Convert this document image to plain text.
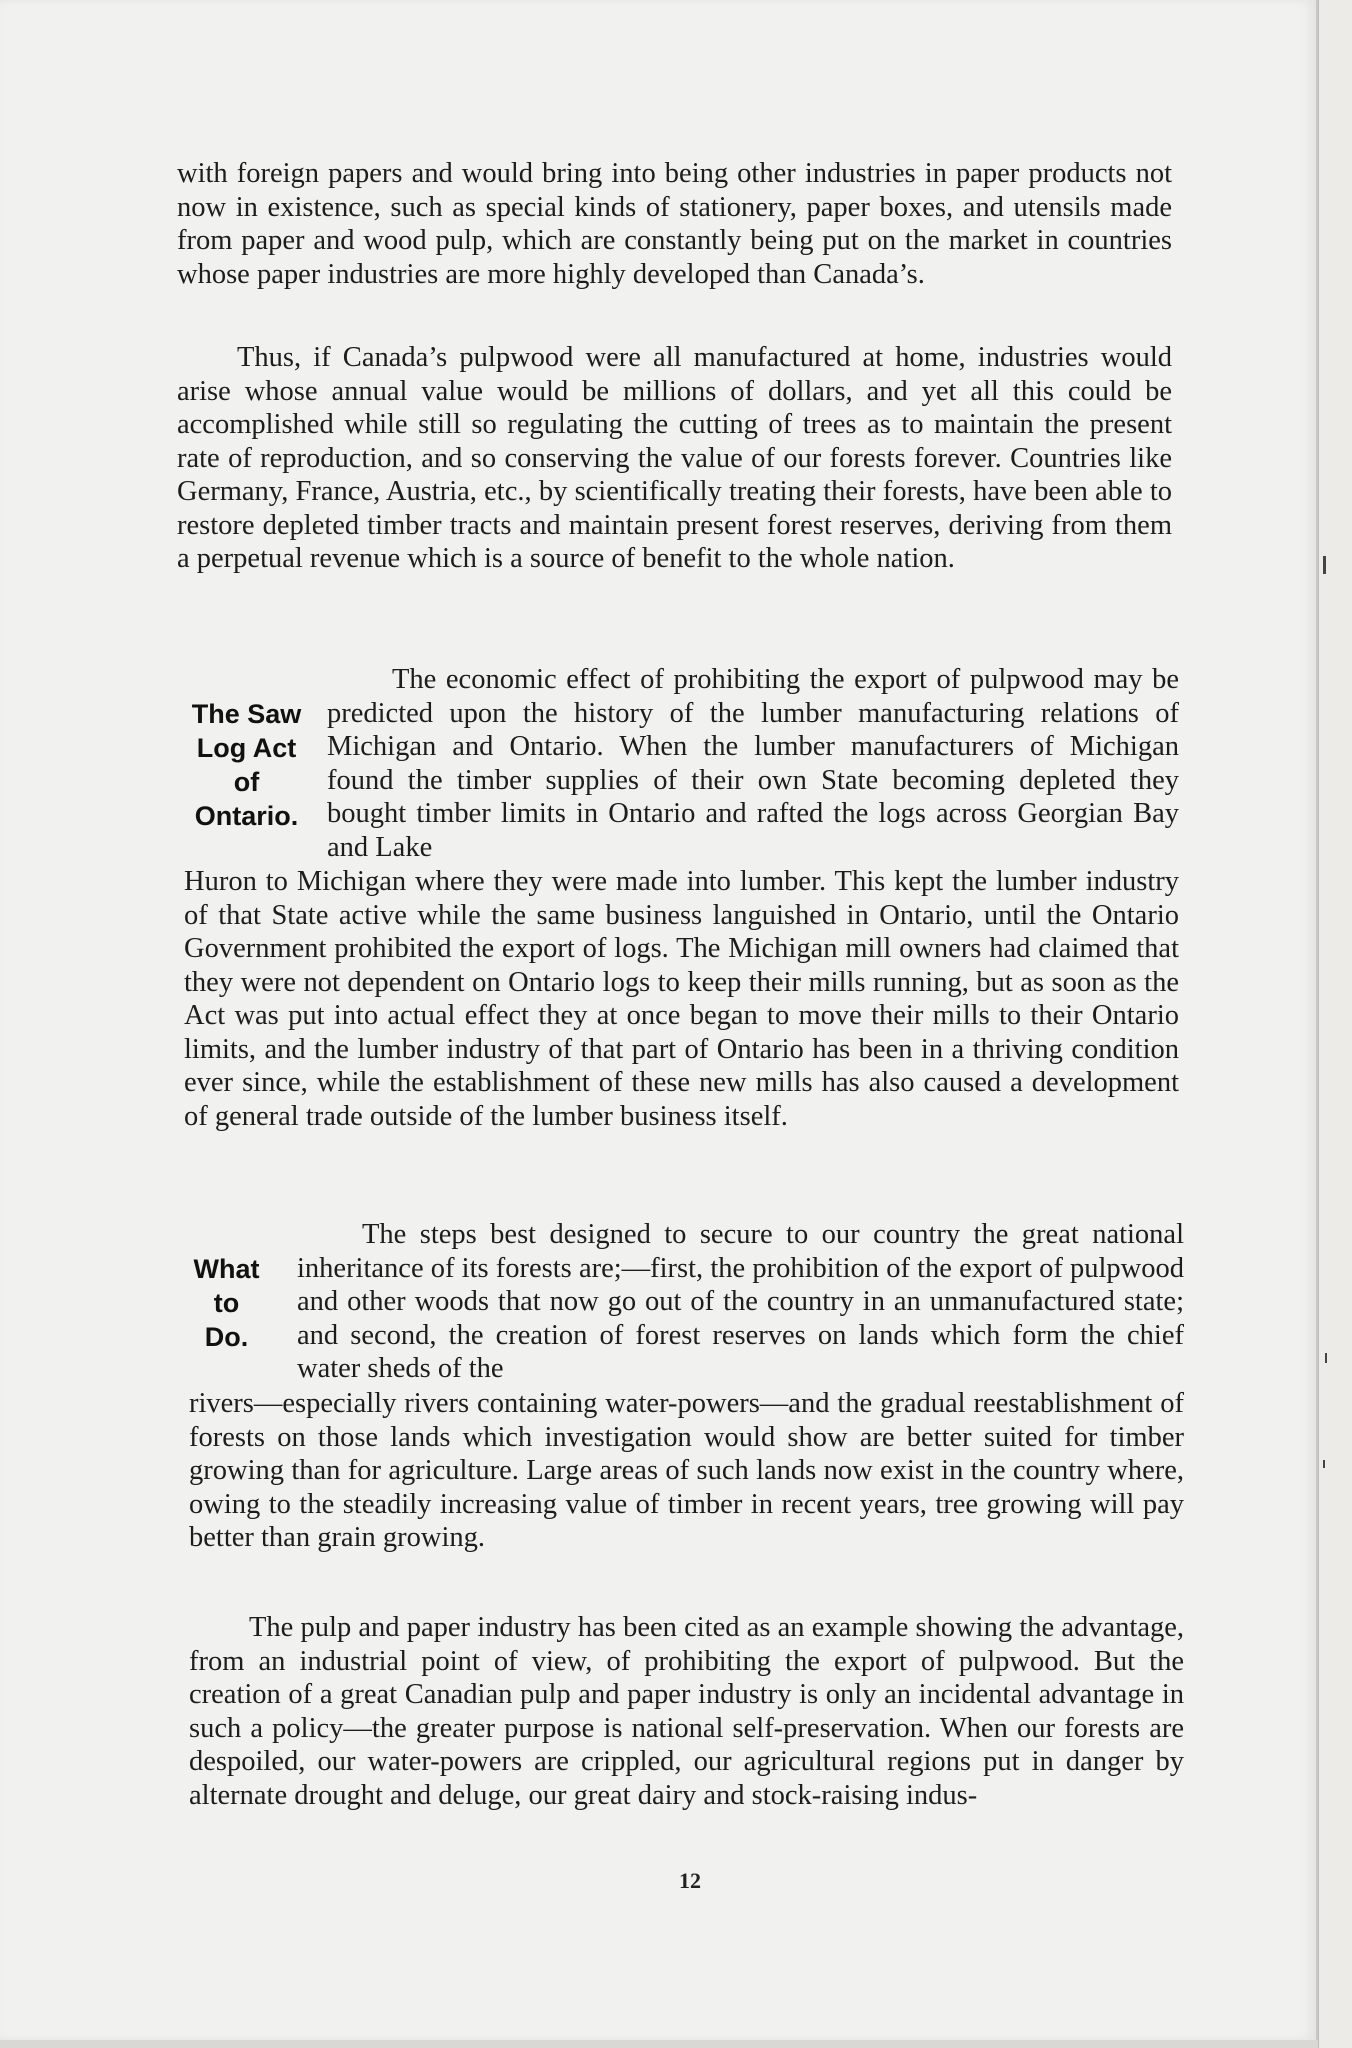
with foreign papers and would bring into being other industries in paper products not now in existence, such as special kinds of stationery, paper boxes, and utensils made from paper and wood pulp, which are constantly being put on the market in countries whose paper industries are more highly developed than Canada’s.

Thus, if Canada’s pulpwood were all manufactured at home, industries would arise whose annual value would be millions of dollars, and yet all this could be accomplished while still so regulating the cutting of trees as to maintain the present rate of reproduction, and so conserving the value of our forests forever. Countries like Germany, France, Austria, etc., by scientifically treating their forests, have been able to restore depleted timber tracts and maintain present forest reserves, deriving from them a perpetual revenue which is a source of benefit to the whole nation.

The Saw
Log Act
of
Ontario.

The economic effect of prohibiting the export of pulpwood may be predicted upon the history of the lumber manufacturing relations of Michigan and Ontario. When the lumber manufacturers of Michigan found the timber supplies of their own State becoming depleted they bought timber limits in Ontario and rafted the logs across Georgian Bay and Lake

Huron to Michigan where they were made into lumber. This kept the lumber industry of that State active while the same business languished in Ontario, until the Ontario Government prohibited the export of logs. The Michigan mill owners had claimed that they were not dependent on Ontario logs to keep their mills running, but as soon as the Act was put into actual effect they at once began to move their mills to their Ontario limits, and the lumber industry of that part of Ontario has been in a thriving condition ever since, while the establishment of these new mills has also caused a development of general trade outside of the lumber business itself.

What
to
Do.

The steps best designed to secure to our country the great national inheritance of its forests are;—first, the prohibition of the export of pulpwood and other woods that now go out of the country in an unmanufactured state; and second, the creation of forest reserves on lands which form the chief water sheds of the

rivers—especially rivers containing water-powers—and the gradual reestablishment of forests on those lands which investigation would show are better suited for timber growing than for agriculture. Large areas of such lands now exist in the country where, owing to the steadily increasing value of timber in recent years, tree growing will pay better than grain growing.

The pulp and paper industry has been cited as an example showing the advantage, from an industrial point of view, of prohibiting the export of pulpwood. But the creation of a great Canadian pulp and paper industry is only an incidental advantage in such a policy—the greater purpose is national self-preservation. When our forests are despoiled, our water-powers are crippled, our agricultural regions put in danger by alternate drought and deluge, our great dairy and stock-raising indus-

12
